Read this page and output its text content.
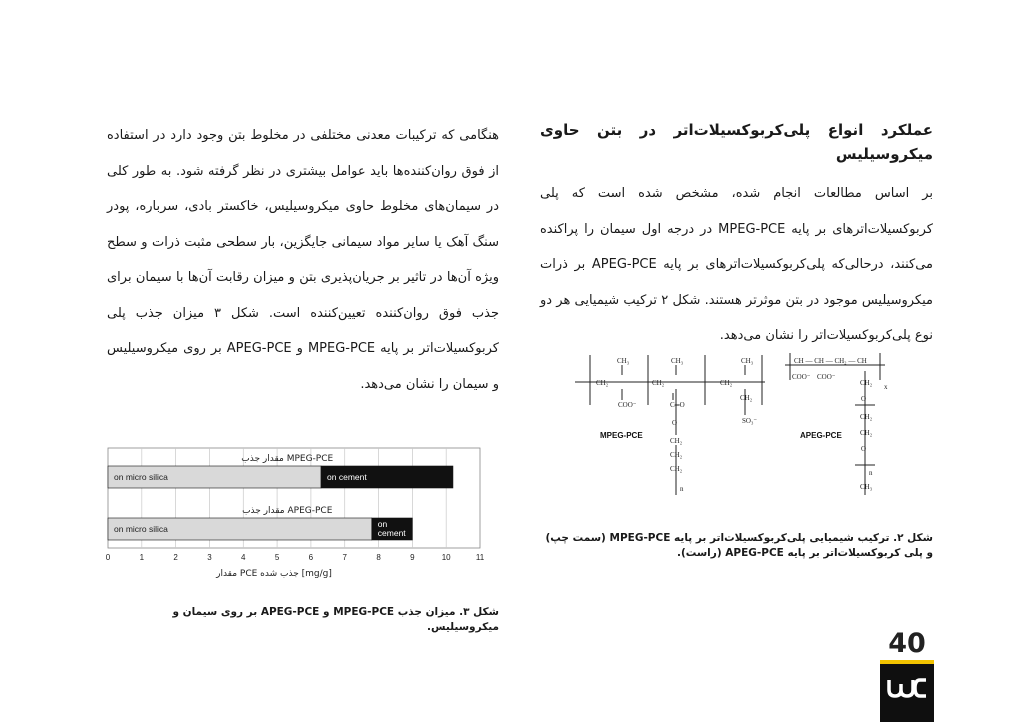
عملکرد انواع پلی‌کربوکسیلات‌اتر در بتن حاوی میکروسیلیس

بر اساس مطالعات انجام شده، مشخص شده است که پلی کربوکسیلات‌اترهای بر پایه MPEG-PCE در درجه اول سیمان را پراکنده می‌کنند، درحالی‌که پلی‌کربوکسیلات‌اترهای بر پایه APEG-PCE بر ذرات میکروسیلیس موجود در بتن موثرتر هستند. شکل ۲ ترکیب شیمیایی هر دو نوع پلی‌کربوکسیلات‌اتر را نشان می‌دهد.

هنگامی که ترکیبات معدنی مختلفی در مخلوط بتن وجود دارد در استفاده از فوق روان‌کننده‌ها باید عوامل بیشتری در نظر گرفته شود. به طور کلی در سیمان‌های مخلوط حاوی میکروسیلیس، خاکستر بادی، سرباره، پودر سنگ آهک یا سایر مواد سیمانی جایگزین، بار سطحی مثبت ذرات و سطح ویژه آن‌ها در تاثیر بر جریان‌پذیری بتن و میزان رقابت آن‌ها با سیمان برای جذب فوق روان‌کننده تعیین‌کننده است. شکل ۳ میزان جذب پلی کربوکسیلات‌اتر بر پایه MPEG-PCE و APEG-PCE بر روی میکروسیلیس و سیمان را نشان می‌دهد.

CH₃
CH₂
COO⁻
CH₃
CH₂
C═O
O
CH₂
CH₂
CH₂
n
CH₃
CH₂
CH₂
SO₃⁻
CH — CH — CH₂ — CH
COO⁻ COO⁻
CH₂ x
O
CH₂
CH₂
O
n
CH₃
MPEG-PCE	APEG-PCE
شکل ۲. ترکیب شیمیایی پلی‌کربوکسیلات‌اتر بر پایه MPEG-PCE (سمت چپ) و پلی کربوکسیلات‌اتر بر پایه APEG-PCE (راست).
0	1	2	3	4	5	6	7	8	9	10	11
مقدار PCE جذب شده [mg/g]
مقدار جذب MPEG-PCE
on micro silica	on cement
مقدار جذب APEG-PCE
on micro silica	on
cement
شکل ۳. میزان جذب MPEG-PCE و APEG-PCE بر روی سیمان و میکروسیلیس.
40
